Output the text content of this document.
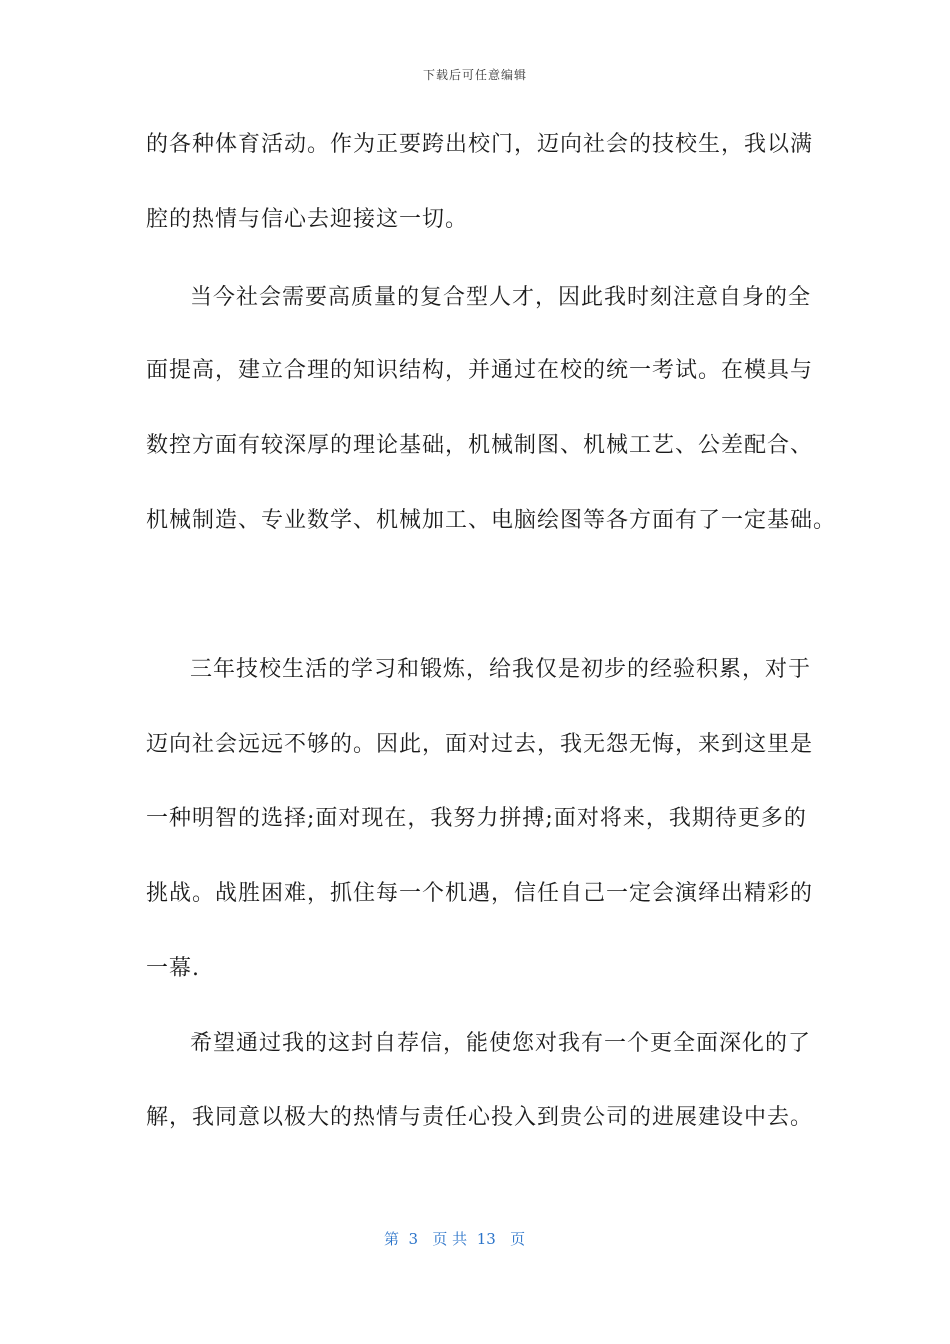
下载后可任意编辑
的各种体育活动。作为正要跨出校门，迈向社会的技校生，我以满
腔的热情与信心去迎接这一切。
当今社会需要高质量的复合型人才，因此我时刻注意自身的全
面提高，建立合理的知识结构，并通过在校的统一考试。在模具与
数控方面有较深厚的理论基础，机械制图、机械工艺、公差配合、
机械制造、专业数学、机械加工、电脑绘图等各方面有了一定基础。
三年技校生活的学习和锻炼，给我仅是初步的经验积累，对于
迈向社会远远不够的。因此，面对过去，我无怨无悔，来到这里是
一种明智的选择;面对现在，我努力拼搏;面对将来，我期待更多的
挑战。战胜困难，抓住每一个机遇，信任自己一定会演绎出精彩的
一幕.
希望通过我的这封自荐信，能使您对我有一个更全面深化的了
解，我同意以极大的热情与责任心投入到贵公司的进展建设中去。
第  3   页 共  13   页
